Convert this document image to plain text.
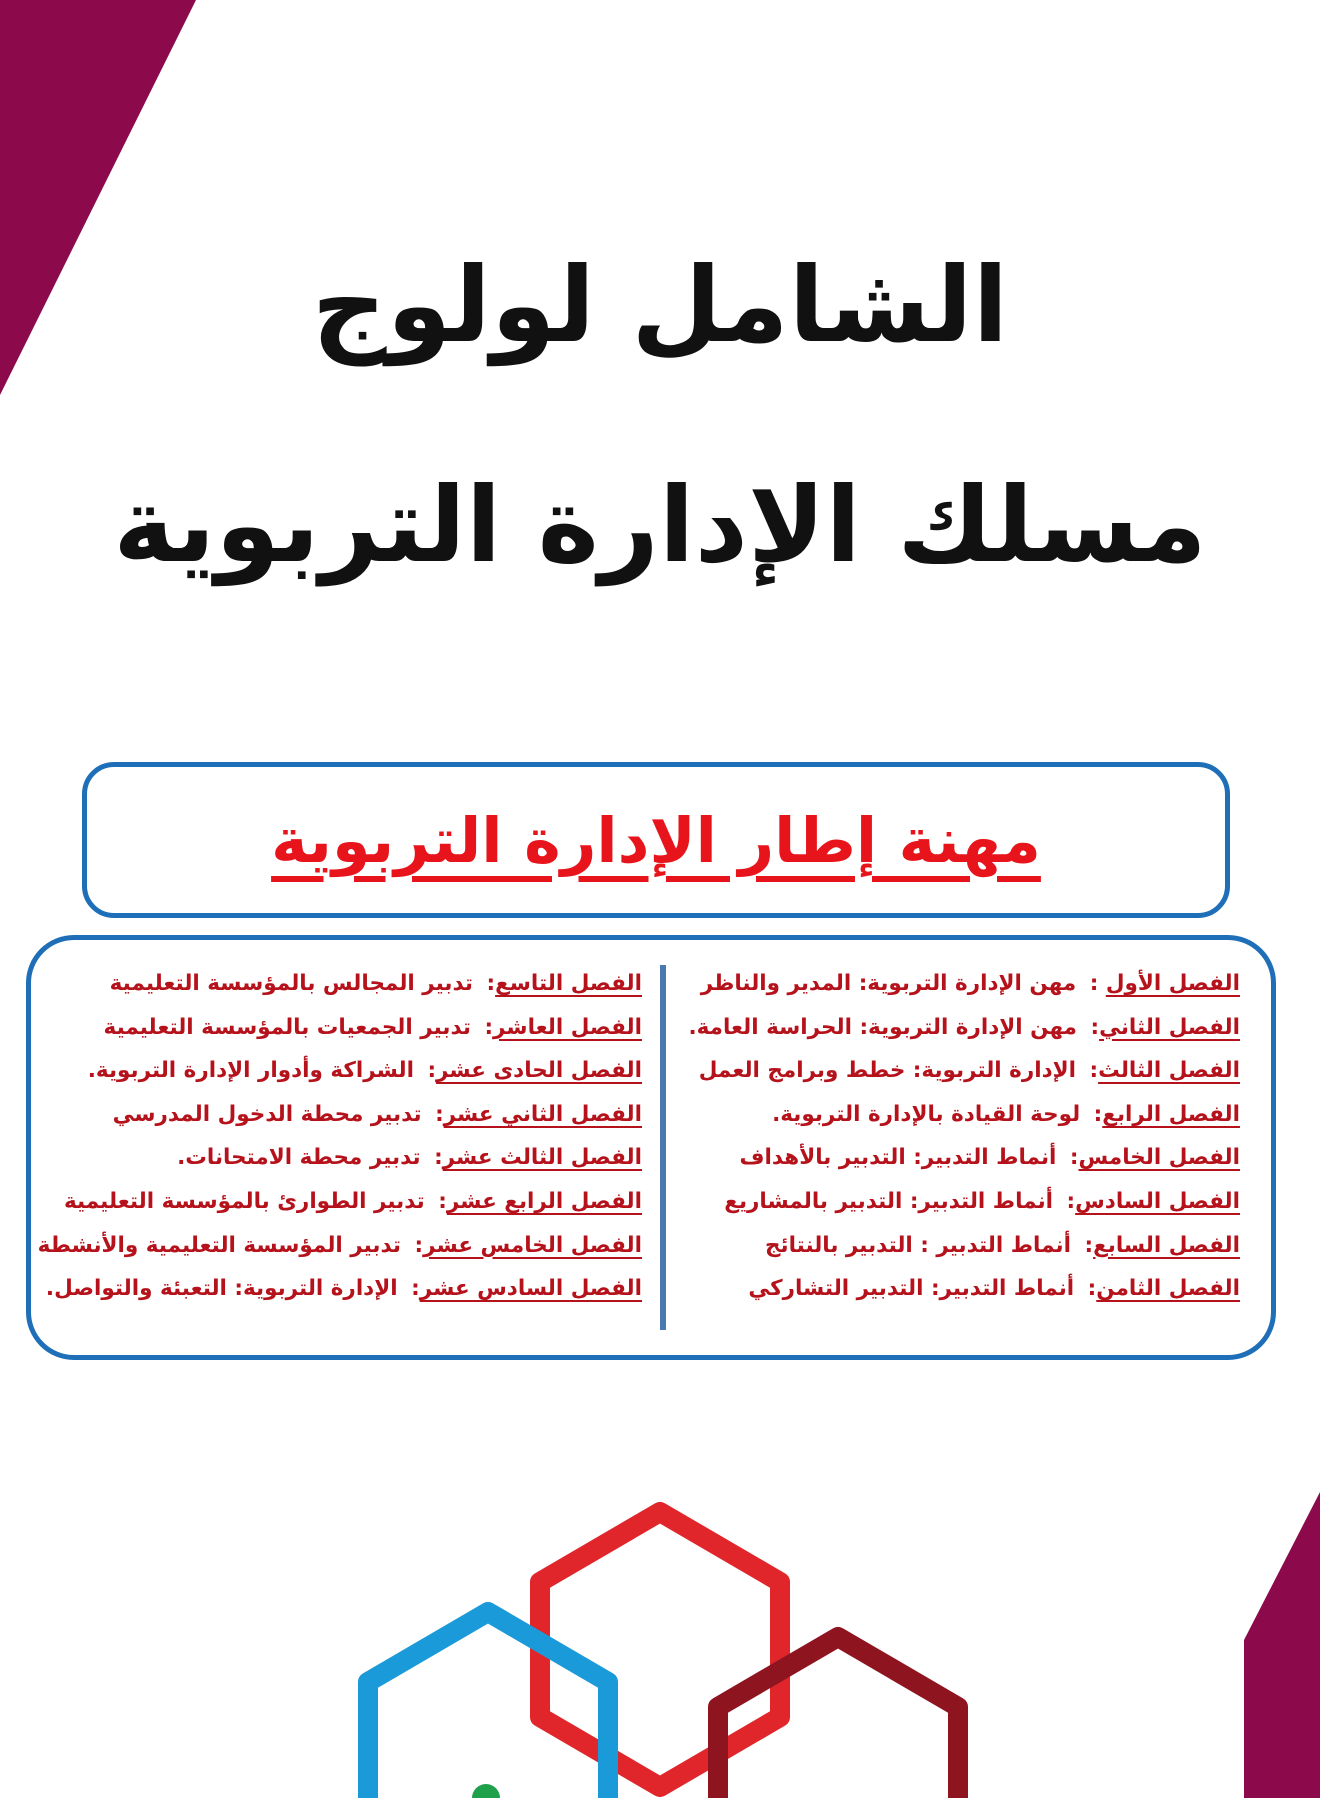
الشامل لولوج
مسلك الإدارة التربوية
مهنة إطار الإدارة التربوية
الفصل الأول : مهن الإدارة التربوية: المدير والناظر
الفصل الثاني: مهن الإدارة التربوية: الحراسة العامة.
الفصل الثالث: الإدارة التربوية: خطط وبرامج العمل
الفصل الرابع: لوحة القيادة بالإدارة التربوية.
الفصل الخامس: أنماط التدبير: التدبير بالأهداف
الفصل السادس: أنماط التدبير: التدبير بالمشاريع
الفصل السابع: أنماط التدبير : التدبير بالنتائج
الفصل الثامن: أنماط التدبير: التدبير التشاركي
الفصل التاسع: تدبير المجالس بالمؤسسة التعليمية
الفصل العاشر: تدبير الجمعيات بالمؤسسة التعليمية
الفصل الحادى عشر: الشراكة وأدوار الإدارة التربوية.
الفصل الثاني عشر: تدبير محطة الدخول المدرسي
الفصل الثالث عشر: تدبير محطة الامتحانات.
الفصل الرابع عشر: تدبير الطوارئ بالمؤسسة التعليمية
الفصل الخامس عشر: تدبير المؤسسة التعليمية والأنشطة
الفصل السادس عشر: الإدارة التربوية: التعبئة والتواصل.
